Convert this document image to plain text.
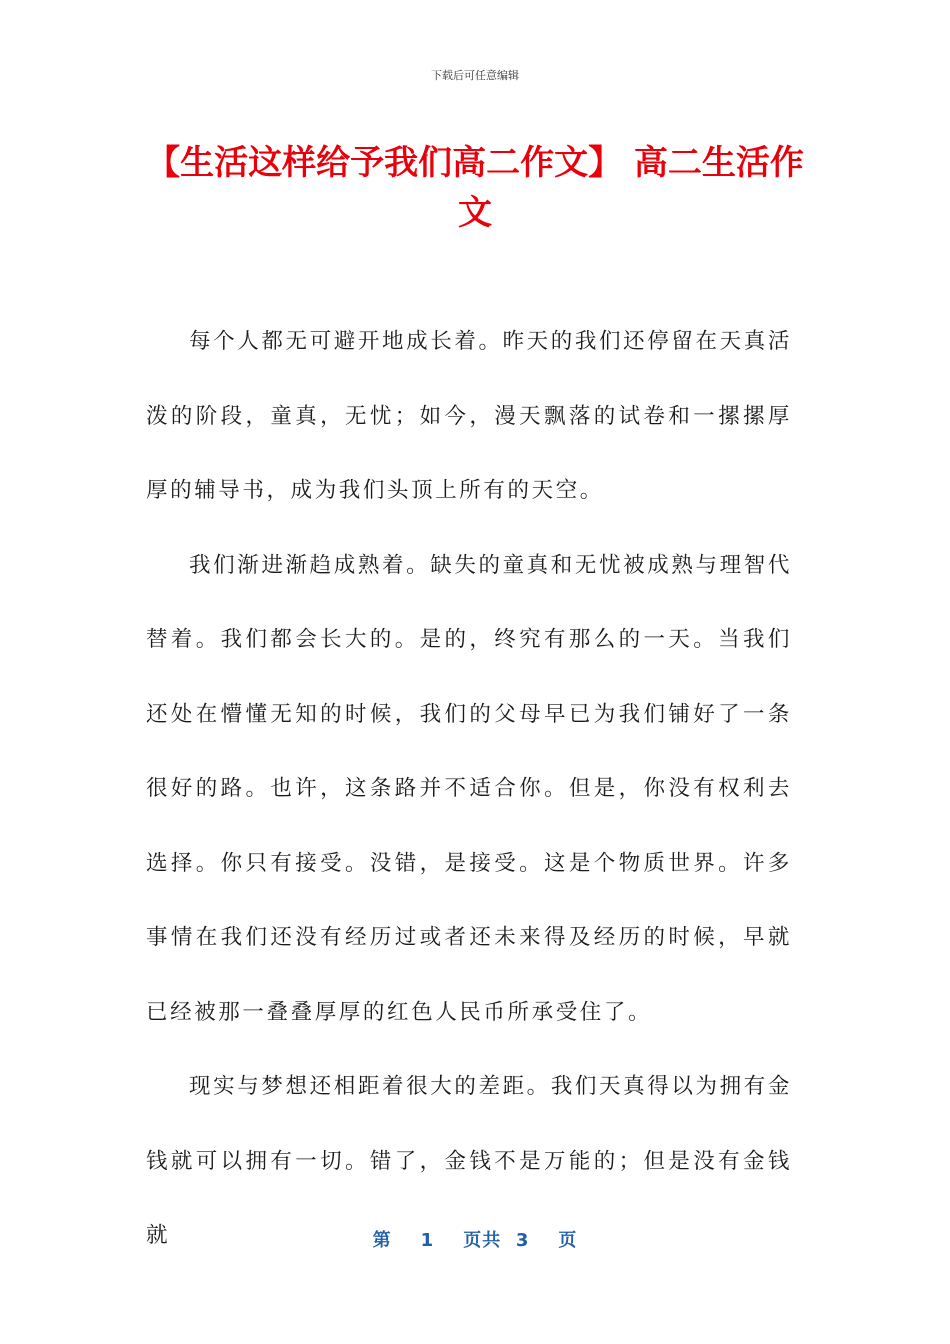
下载后可任意编辑
【生活这样给予我们高二作文】 高二生活作文

每个人都无可避开地成长着。昨天的我们还停留在天真活泼的阶段，童真，无忧；如今，漫天飘落的试卷和一摞摞厚厚的辅导书，成为我们头顶上所有的天空。

我们渐进渐趋成熟着。缺失的童真和无忧被成熟与理智代替着。我们都会长大的。是的，终究有那么的一天。当我们还处在懵懂无知的时候，我们的父母早已为我们铺好了一条很好的路。也许，这条路并不适合你。但是，你没有权利去选择。你只有接受。没错，是接受。这是个物质世界。许多事情在我们还没有经历过或者还未来得及经历的时候，早就已经被那一叠叠厚厚的红色人民币所承受住了。

现实与梦想还相距着很大的差距。我们天真得以为拥有金钱就可以拥有一切。错了，金钱不是万能的；但是没有金钱就	第 1 页共 3 页
